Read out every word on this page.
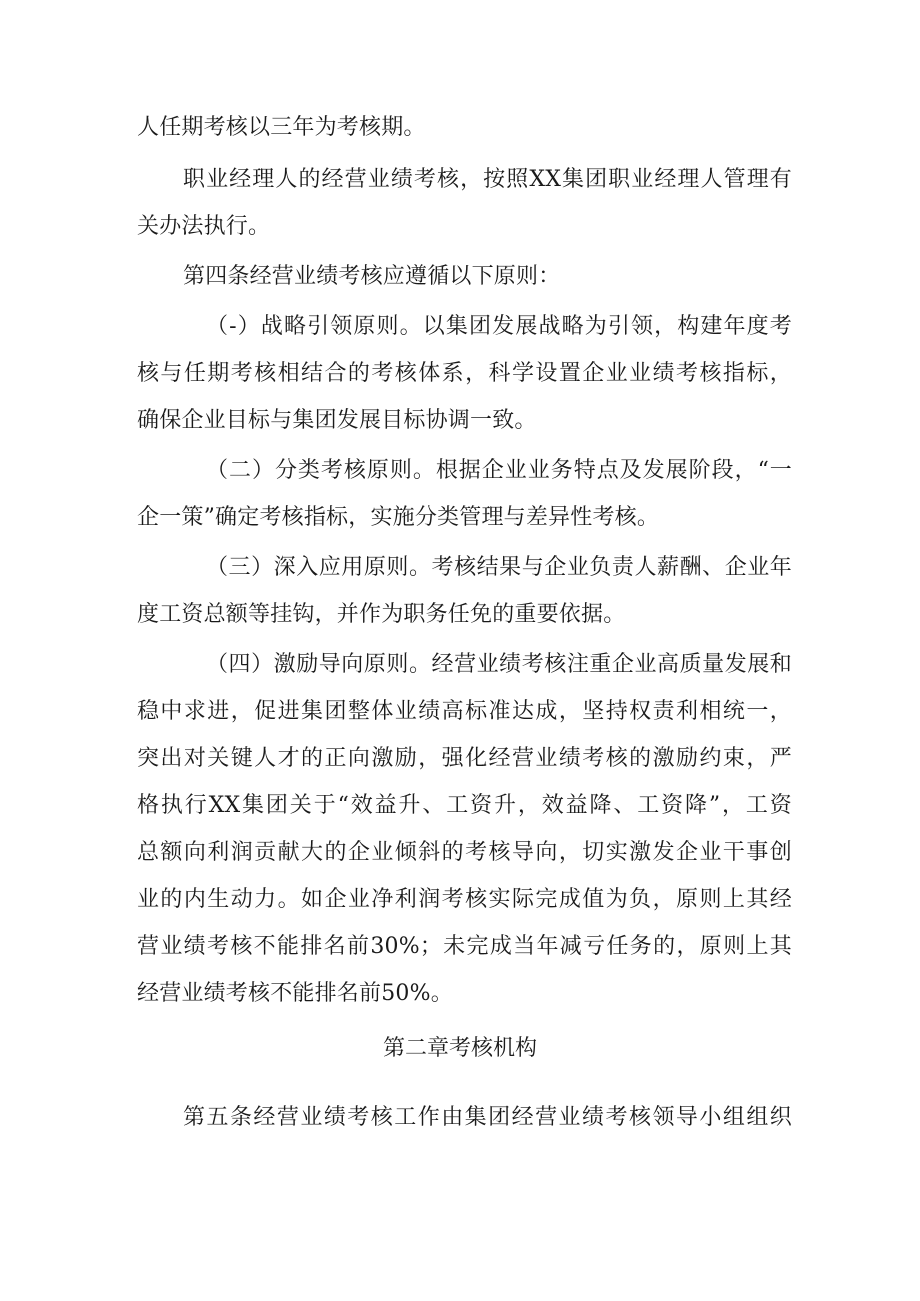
人任期考核以三年为考核期。
职业经理人的经营业绩考核，按照XX集团职业经理人管理有
关办法执行。
第四条经营业绩考核应遵循以下原则：
（-）战略引领原则。以集团发展战略为引领，构建年度考
核与任期考核相结合的考核体系，科学设置企业业绩考核指标，
确保企业目标与集团发展目标协调一致。
（二）分类考核原则。根据企业业务特点及发展阶段，“一
企一策”确定考核指标，实施分类管理与差异性考核。
（三）深入应用原则。考核结果与企业负责人薪酬、企业年
度工资总额等挂钩，并作为职务任免的重要依据。
（四）激励导向原则。经营业绩考核注重企业高质量发展和
稳中求进，促进集团整体业绩高标准达成，坚持权责利相统一，
突出对关键人才的正向激励，强化经营业绩考核的激励约束，严
格执行XX集团关于“效益升、工资升，效益降、工资降”，工资
总额向利润贡献大的企业倾斜的考核导向，切实激发企业干事创
业的内生动力。如企业净利润考核实际完成值为负，原则上其经
营业绩考核不能排名前30%；未完成当年减亏任务的，原则上其
经营业绩考核不能排名前50%。
第二章考核机构
第五条经营业绩考核工作由集团经营业绩考核领导小组组织
